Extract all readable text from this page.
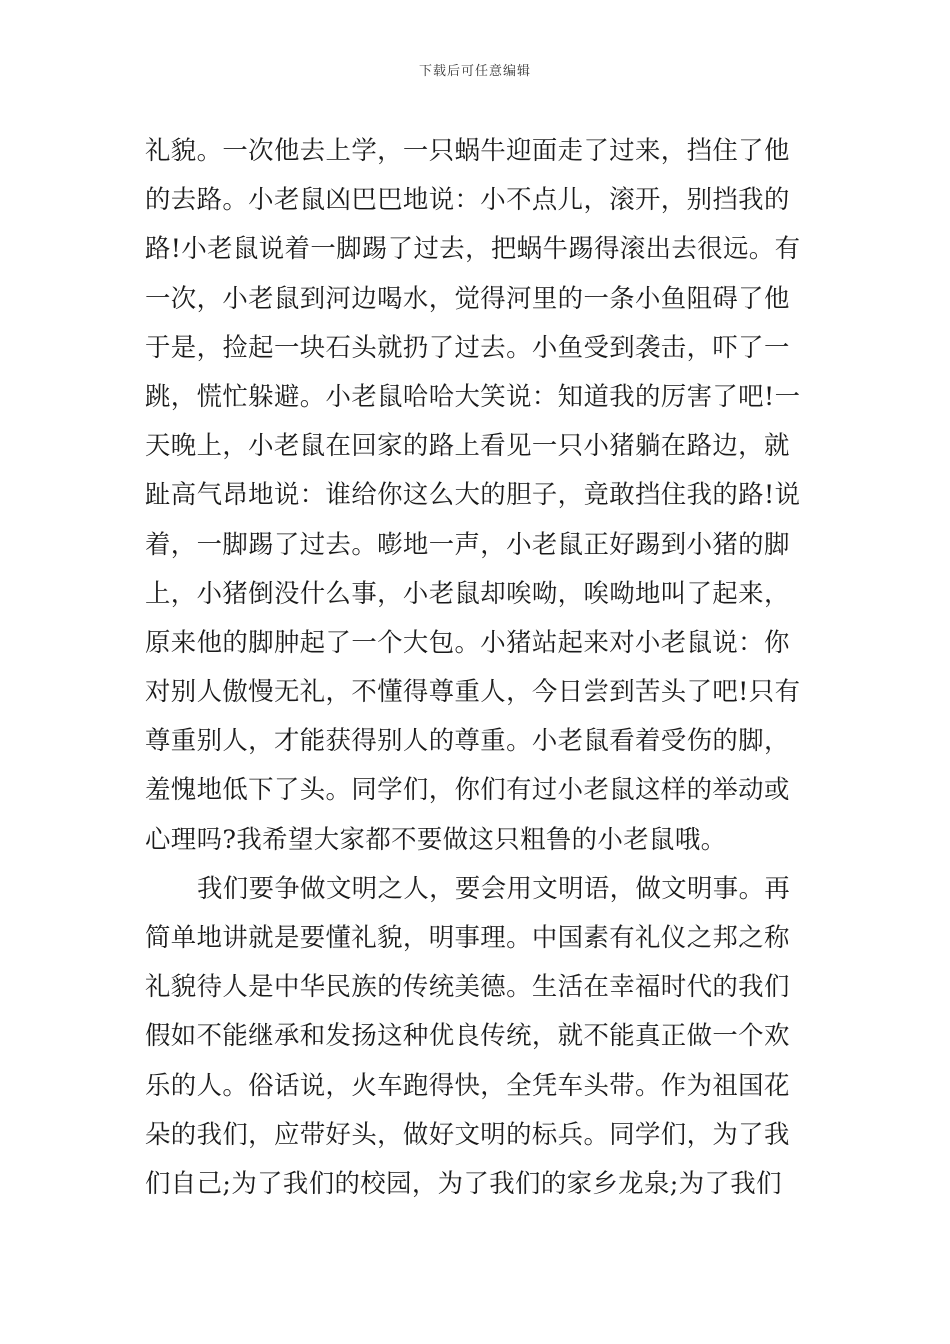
下载后可任意编辑
礼貌。一次他去上学，一只蜗牛迎面走了过来，挡住了他
的去路。小老鼠凶巴巴地说：小不点儿，滚开，别挡我的
路!小老鼠说着一脚踢了过去，把蜗牛踢得滚出去很远。有
一次，小老鼠到河边喝水，觉得河里的一条小鱼阻碍了他
于是，捡起一块石头就扔了过去。小鱼受到袭击，吓了一
跳，慌忙躲避。小老鼠哈哈大笑说：知道我的厉害了吧!一
天晚上，小老鼠在回家的路上看见一只小猪躺在路边，就
趾高气昂地说：谁给你这么大的胆子，竟敢挡住我的路!说
着，一脚踢了过去。嘭地一声，小老鼠正好踢到小猪的脚
上，小猪倒没什么事，小老鼠却唉呦，唉呦地叫了起来，
原来他的脚肿起了一个大包。小猪站起来对小老鼠说：你
对别人傲慢无礼，不懂得尊重人，今日尝到苦头了吧!只有
尊重别人，才能获得别人的尊重。小老鼠看着受伤的脚，
羞愧地低下了头。同学们，你们有过小老鼠这样的举动或
心理吗?我希望大家都不要做这只粗鲁的小老鼠哦。
我们要争做文明之人，要会用文明语，做文明事。再
简单地讲就是要懂礼貌，明事理。中国素有礼仪之邦之称
礼貌待人是中华民族的传统美德。生活在幸福时代的我们
假如不能继承和发扬这种优良传统，就不能真正做一个欢
乐的人。俗话说，火车跑得快，全凭车头带。作为祖国花
朵的我们，应带好头，做好文明的标兵。同学们，为了我
们自己;为了我们的校园，为了我们的家乡龙泉;为了我们
